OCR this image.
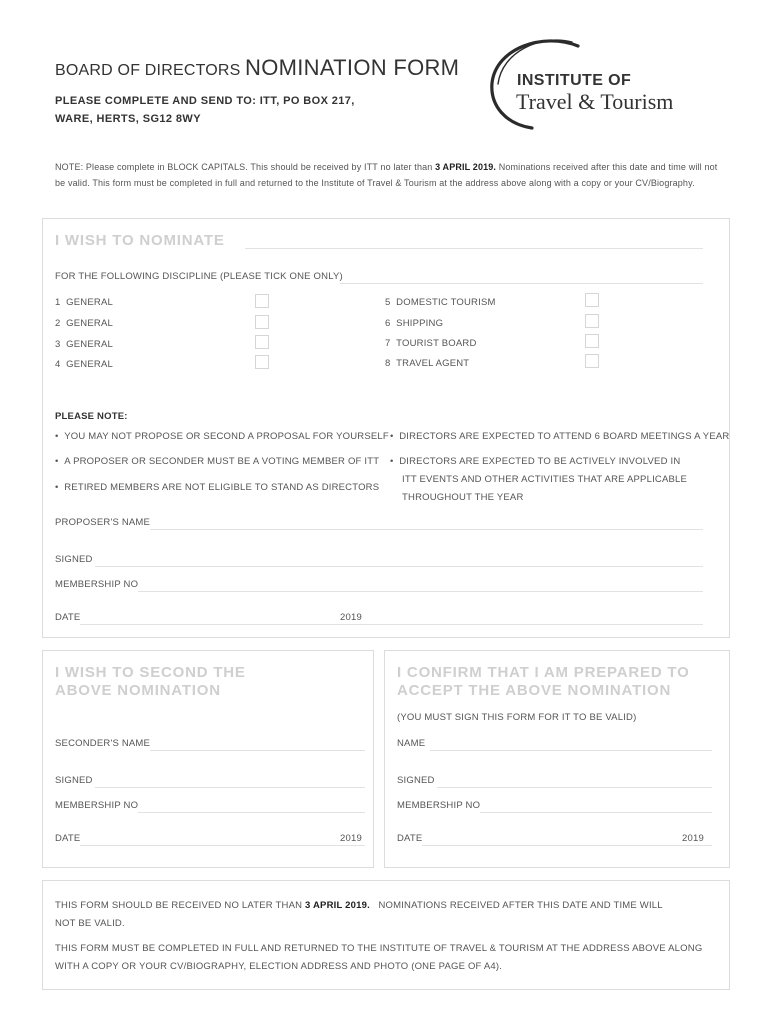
BOARD OF DIRECTORS NOMINATION FORM
PLEASE COMPLETE AND SEND TO: ITT, PO BOX 217,
WARE, HERTS, SG12 8WY
INSTITUTE OF
Travel & Tourism
NOTE: Please complete in BLOCK CAPITALS. This should be received by ITT no later than 3 APRIL 2019. Nominations received after this date and time will not be valid. This form must be completed in full and returned to the Institute of Travel & Tourism at the address above along with a copy or your CV/Biography.
I WISH TO NOMINATE
FOR THE FOLLOWING DISCIPLINE (PLEASE TICK ONE ONLY)
1 GENERAL
2 GENERAL
3 GENERAL
4 GENERAL
5 DOMESTIC TOURISM
6 SHIPPING
7 TOURIST BOARD
8 TRAVEL AGENT
PLEASE NOTE:
•  YOU MAY NOT PROPOSE OR SECOND A PROPOSAL FOR YOURSELF
•  A PROPOSER OR SECONDER MUST BE A VOTING MEMBER OF ITT
•  RETIRED MEMBERS ARE NOT ELIGIBLE TO STAND AS DIRECTORS
•  DIRECTORS ARE EXPECTED TO ATTEND 6 BOARD MEETINGS A YEAR
•  DIRECTORS ARE EXPECTED TO BE ACTIVELY INVOLVED IN
ITT EVENTS AND OTHER ACTIVITIES THAT ARE APPLICABLE
THROUGHOUT THE YEAR
PROPOSER'S NAME
SIGNED
MEMBERSHIP NO
DATE	2019
I WISH TO SECOND THE
ABOVE NOMINATION
SECONDER'S NAME
SIGNED
MEMBERSHIP NO
DATE	2019
I CONFIRM THAT I AM PREPARED TO
ACCEPT THE ABOVE NOMINATION
(YOU MUST SIGN THIS FORM FOR IT TO BE VALID)
NAME
SIGNED
MEMBERSHIP NO
DATE	2019
THIS FORM SHOULD BE RECEIVED NO LATER THAN 3 APRIL 2019.   NOMINATIONS RECEIVED AFTER THIS DATE AND TIME WILL
NOT BE VALID.
THIS FORM MUST BE COMPLETED IN FULL AND RETURNED TO THE INSTITUTE OF TRAVEL & TOURISM AT THE ADDRESS ABOVE ALONG
WITH A COPY OR YOUR CV/BIOGRAPHY, ELECTION ADDRESS AND PHOTO (ONE PAGE OF A4).
